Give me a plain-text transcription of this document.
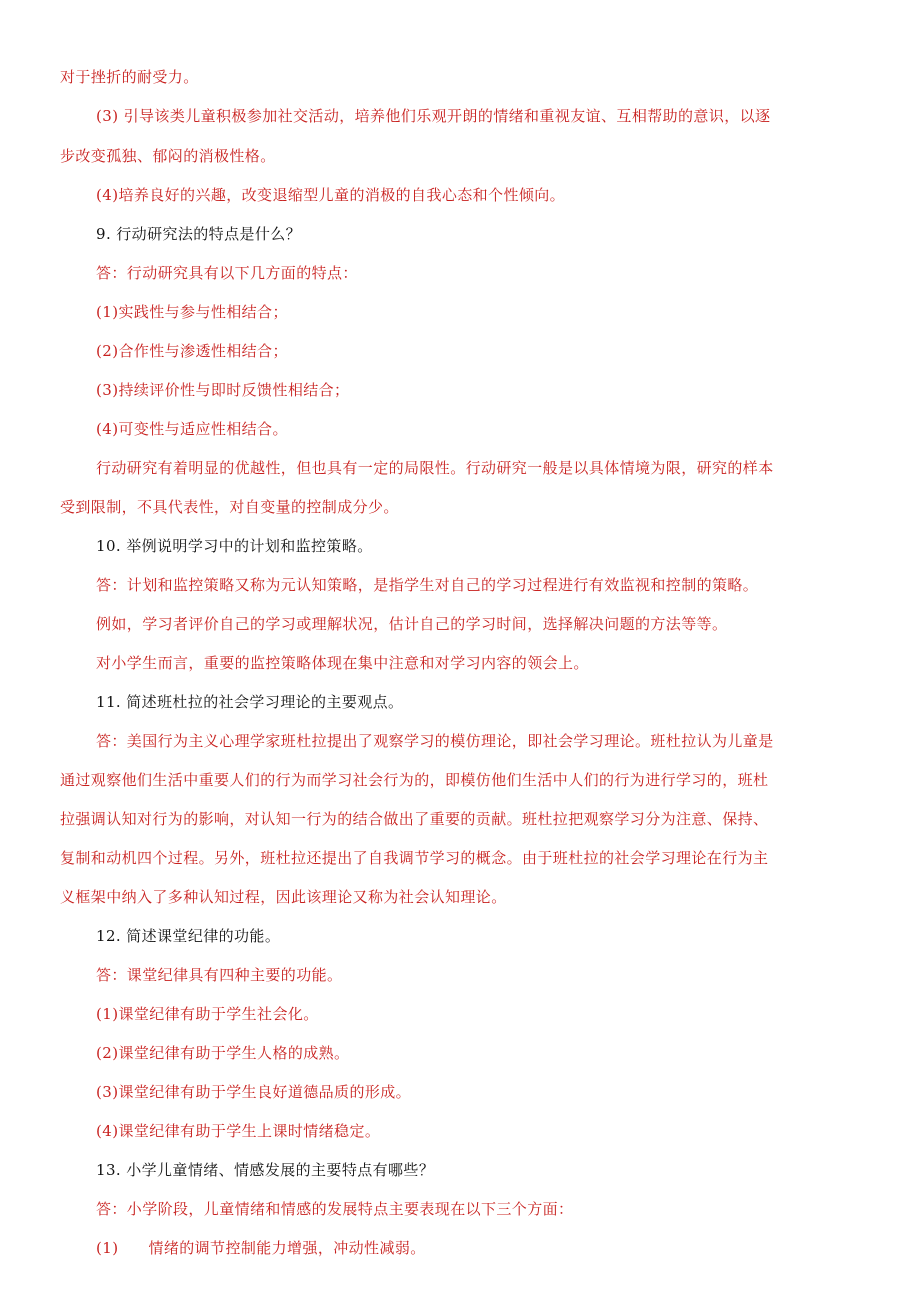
对于挫折的耐受力。
(3) 引导该类儿童积极参加社交活动，培养他们乐观开朗的情绪和重视友谊、互相帮助的意识，以逐
步改变孤独、郁闷的消极性格。
(4)培养良好的兴趣，改变退缩型儿童的消极的自我心态和个性倾向。
9. 行动研究法的特点是什么？
答：行动研究具有以下几方面的特点：
(1)实践性与参与性相结合；
(2)合作性与渗透性相结合；
(3)持续评价性与即时反馈性相结合；
(4)可变性与适应性相结合。
行动研究有着明显的优越性，但也具有一定的局限性。行动研究一般是以具体情境为限，研究的样本
受到限制，不具代表性，对自变量的控制成分少。
10. 举例说明学习中的计划和监控策略。
答：计划和监控策略又称为元认知策略，是指学生对自己的学习过程进行有效监视和控制的策略。
例如，学习者评价自己的学习或理解状况，估计自己的学习时间，选择解决问题的方法等等。
对小学生而言，重要的监控策略体现在集中注意和对学习内容的领会上。
11. 简述班杜拉的社会学习理论的主要观点。
答：美国行为主义心理学家班杜拉提出了观察学习的模仿理论，即社会学习理论。班杜拉认为儿童是
通过观察他们生活中重要人们的行为而学习社会行为的，即模仿他们生活中人们的行为进行学习的，班杜
拉强调认知对行为的影响，对认知一行为的结合做出了重要的贡献。班杜拉把观察学习分为注意、保持、
复制和动机四个过程。另外，班杜拉还提出了自我调节学习的概念。由于班杜拉的社会学习理论在行为主
义框架中纳入了多种认知过程，因此该理论又称为社会认知理论。
12. 简述课堂纪律的功能。
答：课堂纪律具有四种主要的功能。
(1)课堂纪律有助于学生社会化。
(2)课堂纪律有助于学生人格的成熟。
(3)课堂纪律有助于学生良好道德品质的形成。
(4)课堂纪律有助于学生上课时情绪稳定。
13. 小学儿童情绪、情感发展的主要特点有哪些？
答：小学阶段，儿童情绪和情感的发展特点主要表现在以下三个方面：
(1) 情绪的调节控制能力增强，冲动性减弱。
